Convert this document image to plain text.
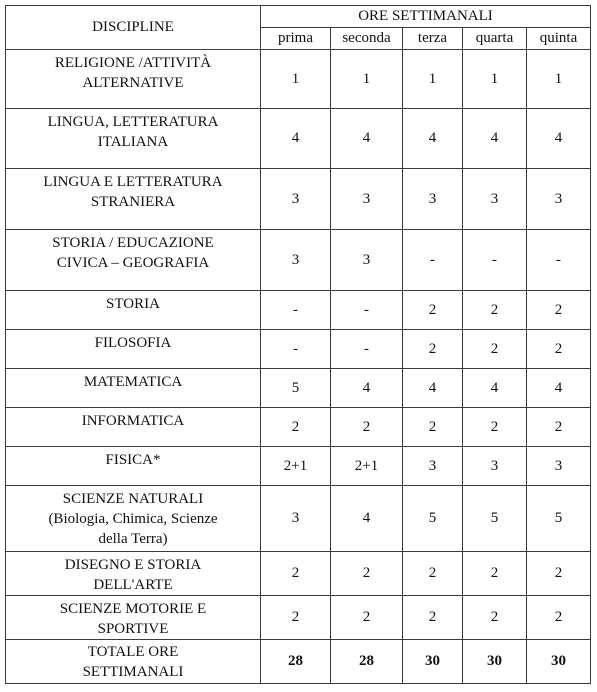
DISCIPLINE	ORE SETTIMANALI				
	prima	seconda	terza	quarta	quinta

RELIGIONE /ATTIVITÀ
ALTERNATIVE	1	1	1	1	1

LINGUA, LETTERATURA
ITALIANA	4	4	4	4	4

LINGUA E LETTERATURA
STRANIERA	3	3	3	3	3

STORIA / EDUCAZIONE
CIVICA – GEOGRAFIA	3	3	-	-	-

STORIA	-	-	2	2	2

FILOSOFIA	-	-	2	2	2

MATEMATICA	5	4	4	4	4

INFORMATICA	2	2	2	2	2

FISICA*	2+1	2+1	3	3	3

SCIENZE NATURALI
(Biologia, Chimica, Scienze
della Terra)	3	4	5	5	5

DISEGNO E STORIA
DELL'ARTE	2	2	2	2	2

SCIENZE MOTORIE E
SPORTIVE	2	2	2	2	2

TOTALE ORE
SETTIMANALI	28	28	30	30	30
